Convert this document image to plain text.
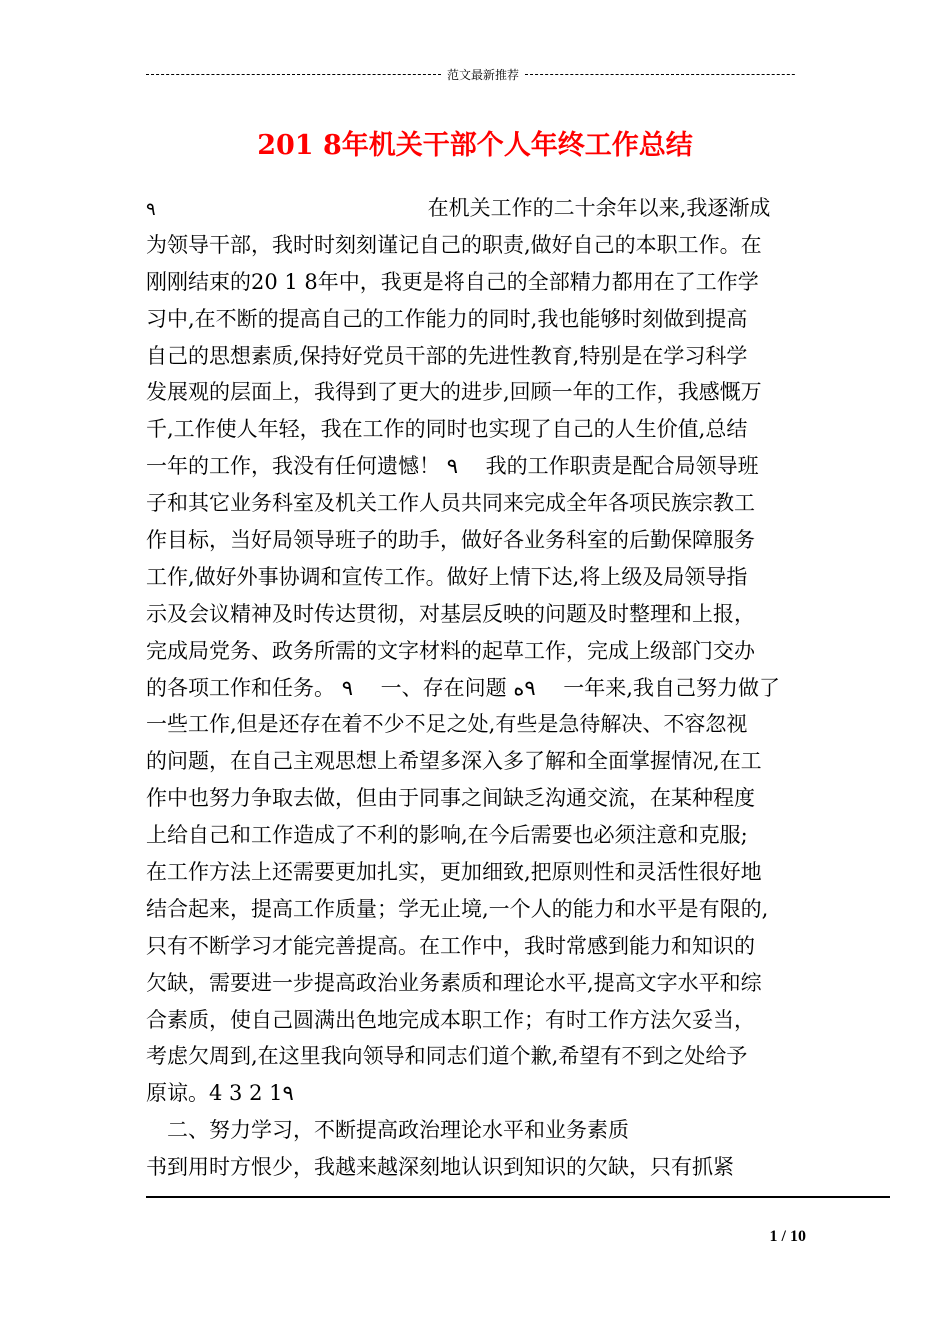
范文最新推荐
201 8年机关干部个人年终工作总结
٩	在机关工作的二十余年以来,我逐渐成
为领导干部，我时时刻刻谨记自己的职责,做好自己的本职工作。在
刚刚结束的20 1 8年中，我更是将自己的全部精力都用在了工作学
习中,在不断的提高自己的工作能力的同时,我也能够时刻做到提高
自己的思想素质,保持好党员干部的先进性教育,特别是在学习科学
发展观的层面上，我得到了更大的进步,回顾一年的工作，我感慨万
千,工作使人年轻，我在工作的同时也实现了自己的人生价值,总结
一年的工作，我没有任何遗憾！ ٩　 我的工作职责是配合局领导班
子和其它业务科室及机关工作人员共同来完成全年各项民族宗教工
作目标，当好局领导班子的助手，做好各业务科室的后勤保障服务
工作,做好外事协调和宣传工作。做好上情下达,将上级及局领导指
示及会议精神及时传达贯彻，对基层反映的问题及时整理和上报，
完成局党务、政务所需的文字材料的起草工作，完成上级部门交办
的各项工作和任务。 ٩　 一、存在问题 ٩ه　 一年来,我自己努力做了
一些工作,但是还存在着不少不足之处,有些是急待解决、不容忽视
的问题，在自己主观思想上希望多深入多了解和全面掌握情况,在工
作中也努力争取去做，但由于同事之间缺乏沟通交流，在某种程度
上给自己和工作造成了不利的影响,在今后需要也必须注意和克服;
在工作方法上还需要更加扎实，更加细致,把原则性和灵活性很好地
结合起来，提高工作质量；学无止境,一个人的能力和水平是有限的,
只有不断学习才能完善提高。在工作中，我时常感到能力和知识的
欠缺，需要进一步提高政治业务素质和理论水平,提高文字水平和综
合素质，使自己圆满出色地完成本职工作；有时工作方法欠妥当，
考虑欠周到,在这里我向领导和同志们道个歉,希望有不到之处给予
原谅。4 3 2 1٩
　二、努力学习，不断提高政治理论水平和业务素质
书到用时方恨少，我越来越深刻地认识到知识的欠缺，只有抓紧
1 / 10
